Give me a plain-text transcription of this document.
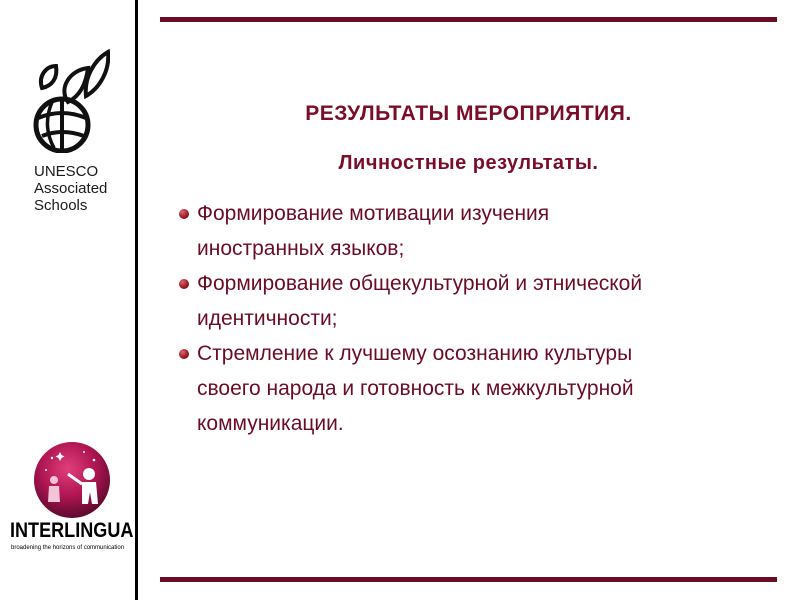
UNESCO
Associated
Schools
INTERLINGUA
broadening the horizons of communication
РЕЗУЛЬТАТЫ МЕРОПРИЯТИЯ.
Личностные результаты.
Формирование мотивации изучения
иностранных языков;
Формирование общекультурной и этнической
идентичности;
Стремление к лучшему осознанию культуры
своего народа и готовность к межкультурной
коммуникации.
